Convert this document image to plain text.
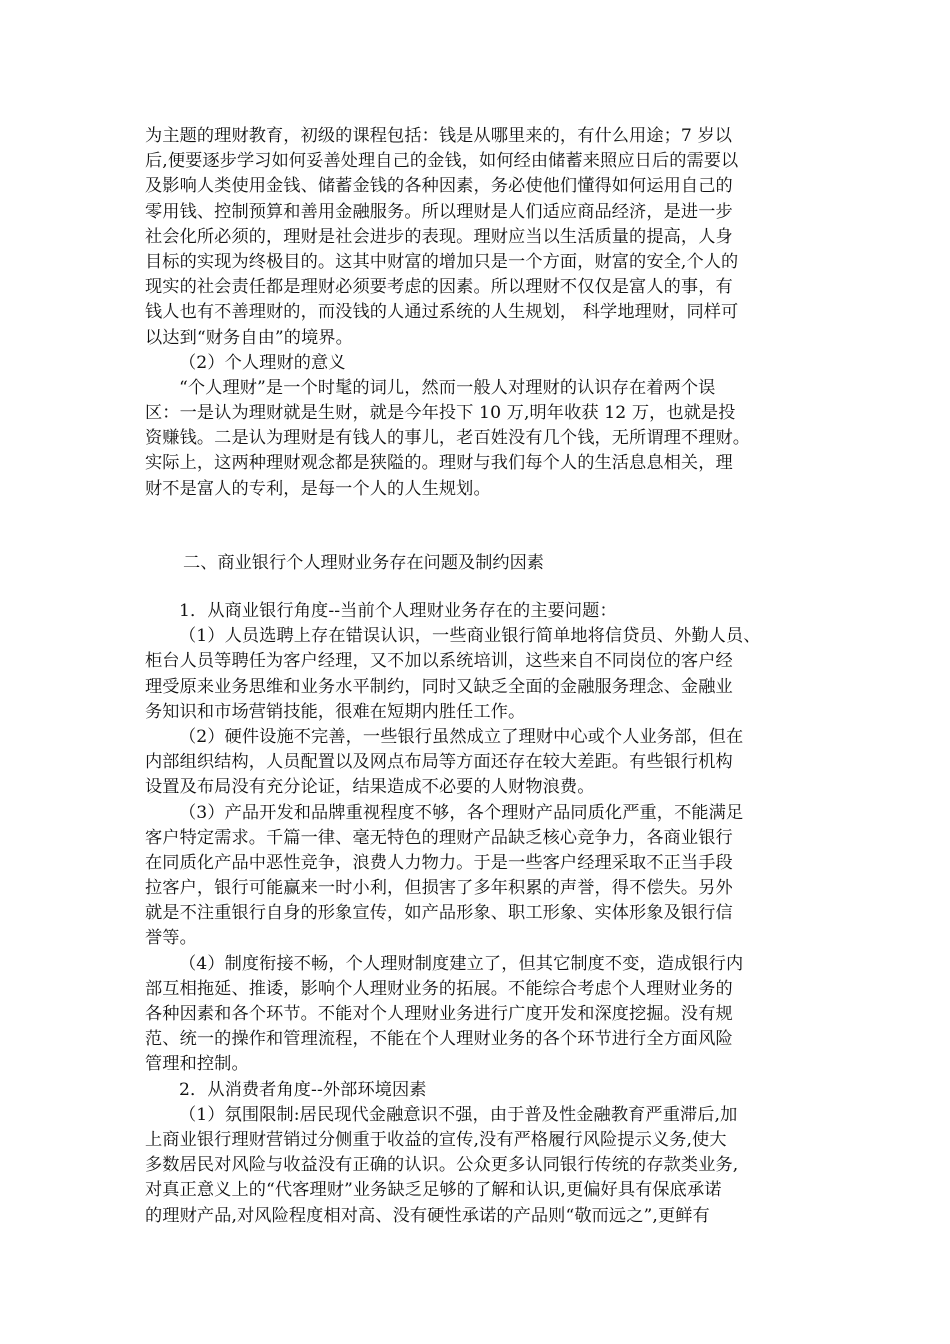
为主题的理财教育，初级的课程包括：钱是从哪里来的，有什么用途；7 岁以
后,便要逐步学习如何妥善处理自己的金钱，如何经由储蓄来照应日后的需要以
及影响人类使用金钱、储蓄金钱的各种因素，务必使他们懂得如何运用自己的
零用钱、控制预算和善用金融服务。所以理财是人们适应商品经济，是进一步
社会化所必须的，理财是社会进步的表现。理财应当以生活质量的提高，人身
目标的实现为终极目的。这其中财富的增加只是一个方面，财富的安全,个人的
现实的社会责任都是理财必须要考虑的因素。所以理财不仅仅是富人的事，有
钱人也有不善理财的，而没钱的人通过系统的人生规划， 科学地理财，同样可
以达到“财务自由”的境界。
（2）个人理财的意义
“个人理财”是一个时髦的词儿，然而一般人对理财的认识存在着两个误
区：一是认为理财就是生财，就是今年投下 10 万,明年收获 12 万，也就是投
资赚钱。二是认为理财是有钱人的事儿，老百姓没有几个钱，无所谓理不理财。
实际上，这两种理财观念都是狭隘的。理财与我们每个人的生活息息相关，理
财不是富人的专利，是每一个人的人生规划。
二、商业银行个人理财业务存在问题及制约因素
1．从商业银行角度--当前个人理财业务存在的主要问题：
（1）人员选聘上存在错误认识，一些商业银行简单地将信贷员、外勤人员、
柜台人员等聘任为客户经理，又不加以系统培训，这些来自不同岗位的客户经
理受原来业务思维和业务水平制约，同时又缺乏全面的金融服务理念、金融业
务知识和市场营销技能，很难在短期内胜任工作。
（2）硬件设施不完善，一些银行虽然成立了理财中心或个人业务部，但在
内部组织结构，人员配置以及网点布局等方面还存在较大差距。有些银行机构
设置及布局没有充分论证，结果造成不必要的人财物浪费。
（3）产品开发和品牌重视程度不够，各个理财产品同质化严重，不能满足
客户特定需求。千篇一律、毫无特色的理财产品缺乏核心竞争力，各商业银行
在同质化产品中恶性竞争，浪费人力物力。于是一些客户经理采取不正当手段
拉客户，银行可能赢来一时小利，但损害了多年积累的声誉，得不偿失。另外
就是不注重银行自身的形象宣传，如产品形象、职工形象、实体形象及银行信
誉等。
（4）制度衔接不畅，个人理财制度建立了，但其它制度不变，造成银行内
部互相拖延、推诿，影响个人理财业务的拓展。不能综合考虑个人理财业务的
各种因素和各个环节。不能对个人理财业务进行广度开发和深度挖掘。没有规
范、统一的操作和管理流程，不能在个人理财业务的各个环节进行全方面风险
管理和控制。
2．从消费者角度--外部环境因素
（1）氛围限制:居民现代金融意识不强，由于普及性金融教育严重滞后,加
上商业银行理财营销过分侧重于收益的宣传,没有严格履行风险提示义务,使大
多数居民对风险与收益没有正确的认识。公众更多认同银行传统的存款类业务,
对真正意义上的“代客理财”业务缺乏足够的了解和认识,更偏好具有保底承诺
的理财产品,对风险程度相对高、没有硬性承诺的产品则“敬而远之”,更鲜有
